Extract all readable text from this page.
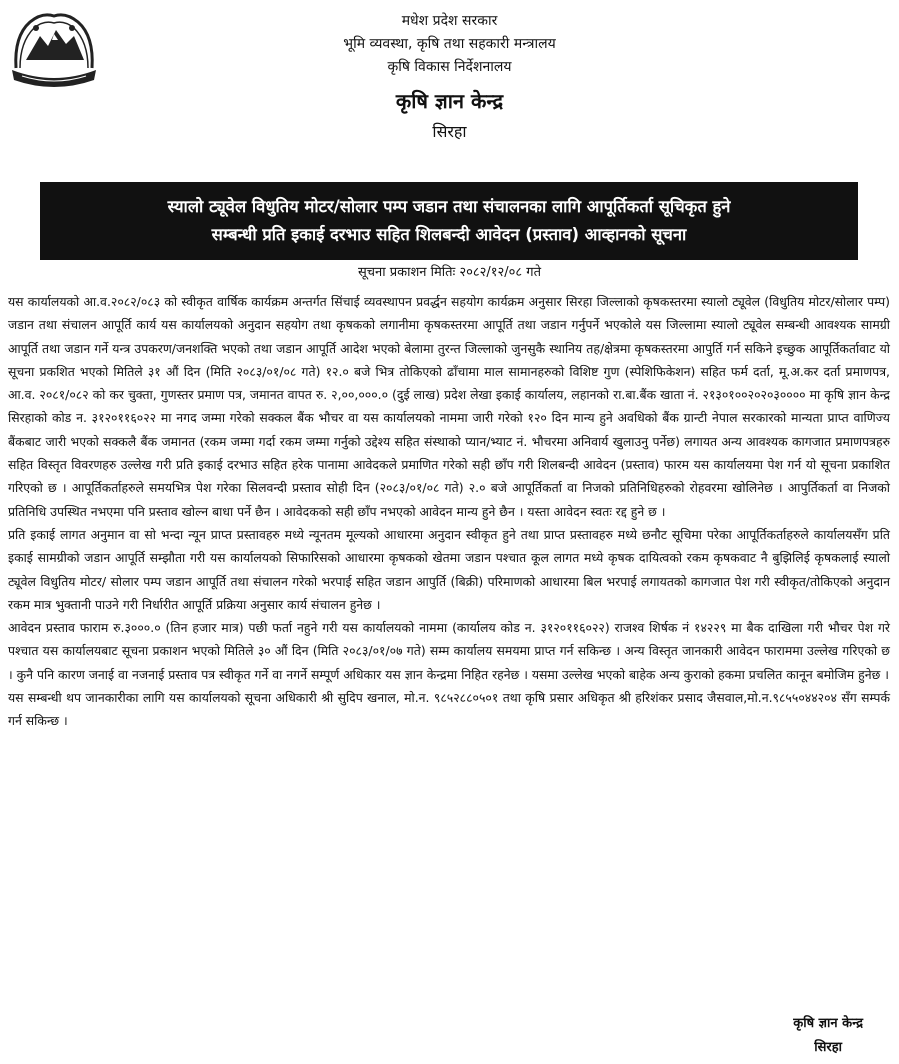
मधेश प्रदेश सरकार

भूमि व्यवस्था, कृषि तथा सहकारी मन्त्रालय

कृषि विकास निर्देशनालय

कृषि ज्ञान केन्द्र

सिरहा

स्यालो ट्यूवेल विधुतिय मोटर/सोलार पम्प जडान तथा संचालनका लागि आपूर्तिकर्ता सूचिकृत हुने
सम्बन्धी प्रति इकाई दरभाउ सहित शिलबन्दी आवेदन (प्रस्ताव) आव्हानको सूचना
सूचना प्रकाशन मितिः २०८२/१२/०८ गते

यस कार्यालयको आ.व.२०८२/०८३ को स्वीकृत वार्षिक कार्यक्रम अन्तर्गत सिंचाई व्यवस्थापन प्रवर्द्धन सहयोग कार्यक्रम अनुसार सिरहा जिल्लाको कृषकस्तरमा स्यालो ट्यूवेल (विधुतिय मोटर/सोलार पम्प) जडान तथा संचालन आपूर्ति कार्य यस कार्यालयको अनुदान सहयोग तथा कृषकको लगानीमा कृषकस्तरमा आपूर्ति तथा जडान गर्नुपर्ने भएकोले यस जिल्लामा स्यालो ट्यूवेल सम्बन्धी आवश्यक सामग्री आपूर्ति तथा जडान गर्ने यन्त्र उपकरण/जनशक्ति भएको तथा जडान आपूर्ति आदेश भएको बेलामा तुरन्त जिल्लाको जुनसुकै स्थानिय तह/क्षेत्रमा कृषकस्तरमा आपुर्ति गर्न सकिने इच्छुक आपूर्तिकर्तावाट यो सूचना प्रकशित भएको मितिले ३१ औं दिन (मिति २०८३/०१/०८ गते) १२.० बजे भित्र तोकिएको ढाँचामा माल सामानहरुको विशिष्ट गुण (स्पेशिफिकेशन) सहित फर्म दर्ता, मू.अ.कर दर्ता प्रमाणपत्र, आ.व. २०८१/०८२ को कर चुक्ता, गुणस्तर प्रमाण पत्र, जमानत वापत रु. २,००,०००.० (दुई लाख) प्रदेश लेखा इकाई कार्यालय, लहानको रा.बा.बैंक खाता नं. २१३०१००२०२०३०००० मा कृषि ज्ञान केन्द्र सिरहाको कोड न. ३१२०११६०२२ मा नगद जम्मा गरेको सक्कल बैंक भौचर वा यस कार्यालयको नाममा जारी गरेको १२० दिन मान्य हुने अवधिको बैंक ग्रान्टी नेपाल सरकारको मान्यता प्राप्त वाणिज्य बैंकबाट जारी भएको सक्कलै बैंक जमानत (रकम जम्मा गर्दा रकम जम्मा गर्नुको उद्देश्य सहित संस्थाको प्यान/भ्याट नं. भौचरमा अनिवार्य खुलाउनु पर्नेछ) लगायत अन्य आवश्यक कागजात प्रमाणपत्रहरु सहित विस्तृत विवरणहरु उल्लेख गरी प्रति इकाई दरभाउ सहित हरेक पानामा आवेदकले प्रमाणित गरेको सही छाँप गरी शिलबन्दी आवेदन (प्रस्ताव) फारम यस कार्यालयमा पेश गर्न यो सूचना प्रकाशित गरिएको छ । आपूर्तिकर्ताहरुले समयभित्र पेश गरेका सिलवन्दी प्रस्ताव सोही दिन (२०८३/०१/०८ गते) २.० बजे आपूर्तिकर्ता वा निजको प्रतिनिधिहरुको रोहवरमा खोलिनेछ । आपुर्तिकर्ता वा निजको प्रतिनिधि उपस्थित नभएमा पनि प्रस्ताव खोल्न बाधा पर्ने छैन । आवेदकको सही छाँप नभएको आवेदन मान्य हुने छैन । यस्ता आवेदन स्वतः रद्द हुने छ ।

प्रति इकाई लागत अनुमान वा सो भन्दा न्यून प्राप्त प्रस्तावहरु मध्ये न्यूनतम मूल्यको आधारमा अनुदान स्वीकृत हुने तथा प्राप्त प्रस्तावहरु मध्ये छनौट सूचिमा परेका आपूर्तिकर्ताहरुले कार्यालयसँग प्रति इकाई सामग्रीको जडान आपूर्ति सम्झौता गरी यस कार्यालयको सिफारिसको आधारमा कृषकको खेतमा जडान पश्चात कूल लागत मध्ये कृषक दायित्वको रकम कृषकवाट नै बुझिलिई कृषकलाई स्यालो ट्यूवेल विधुतिय मोटर/ सोलार पम्प जडान आपूर्ति तथा संचालन गरेको भरपाई सहित जडान आपुर्ति (बिक्री) परिमाणको आधारमा बिल भरपाई लगायतको कागजात पेश गरी स्वीकृत/तोकिएको अनुदान रकम मात्र भुक्तानी पाउने गरी निर्धारीत आपूर्ति प्रक्रिया अनुसार कार्य संचालन हुनेछ ।

आवेदन प्रस्ताव फाराम रु.३०००.० (तिन हजार मात्र) पछी फर्ता नहुने गरी यस कार्यालयको नाममा (कार्यालय कोड न. ३१२०११६०२२) राजश्व शिर्षक नं १४२२९ मा बैक दाखिला गरी भौचर पेश गरे पश्चात यस कार्यालयबाट सूचना प्रकाशन भएको मितिले ३० औं दिन (मिति २०८३/०१/०७ गते) सम्म कार्यालय समयमा प्राप्त गर्न सकिन्छ । अन्य विस्तृत जानकारी आवेदन फाराममा उल्लेख गरिएको छ । कुनै पनि कारण जनाई वा नजनाई प्रस्ताव पत्र स्वीकृत गर्ने वा नगर्ने सम्पूर्ण अधिकार यस ज्ञान केन्द्रमा निहित रहनेछ । यसमा उल्लेख भएको बाहेक अन्य कुराको हकमा प्रचलित कानून बमोजिम हुनेछ ।

यस सम्बन्धी थप जानकारीका लागि यस कार्यालयको सूचना अधिकारी श्री सुदिप खनाल, मो.न. ९८५२८८०५०१ तथा कृषि प्रसार अधिकृत श्री हरिशंकर प्रसाद जैसवाल,मो.न.९८५५०४४२०४ सँग सम्पर्क गर्न सकिन्छ ।

कृषि ज्ञान केन्द्र
सिरहा
